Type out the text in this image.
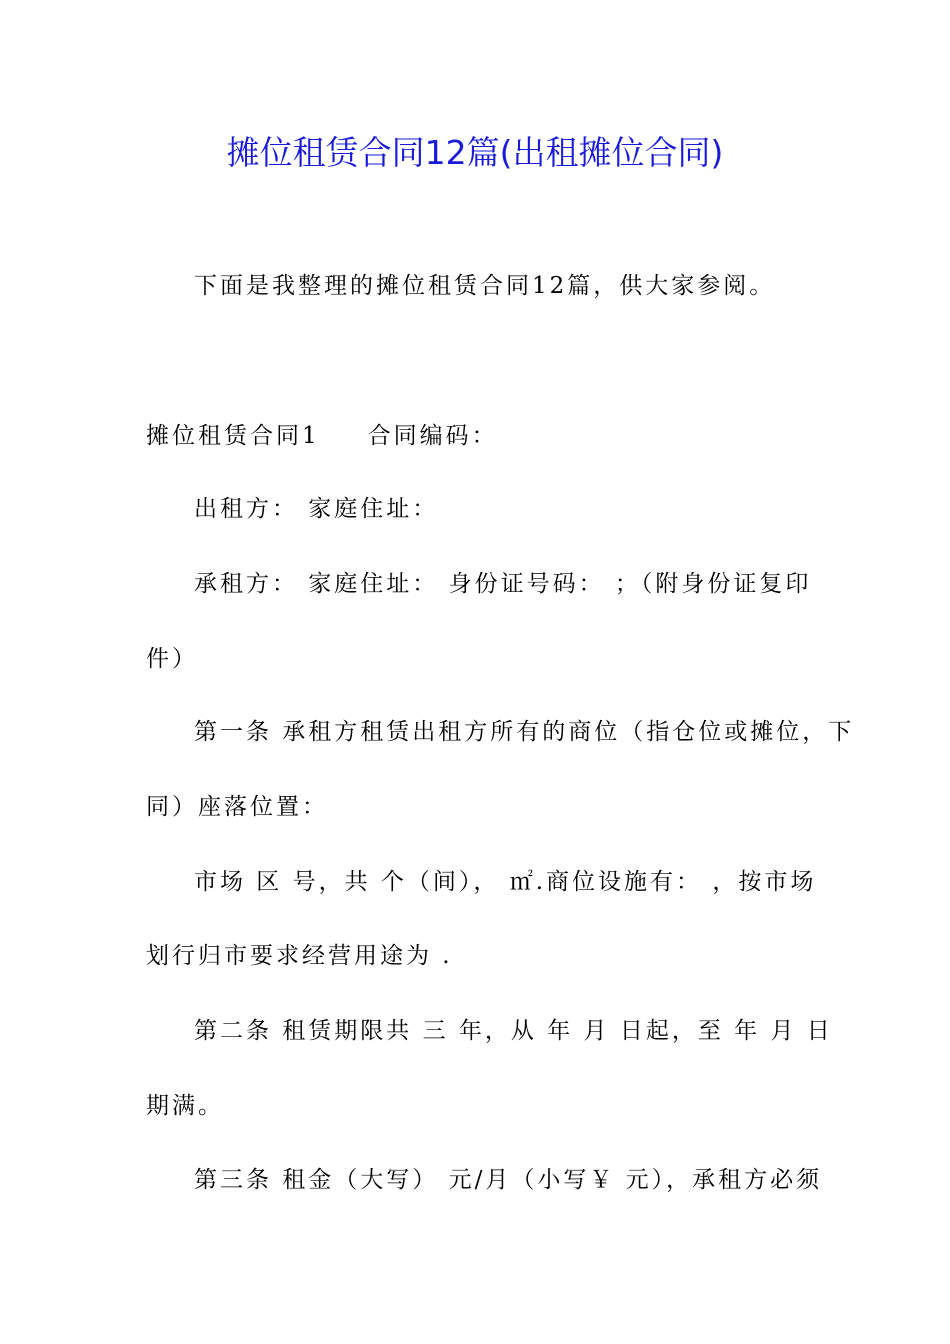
摊位租赁合同12篇(出租摊位合同)
下面是我整理的摊位租赁合同12篇，供大家参阅。
摊位租赁合同1 合同编码：
出租方： 家庭住址：
承租方： 家庭住址： 身份证号码： ；（附身份证复印
件）
第一条 承租方租赁出租方所有的商位（指仓位或摊位，下
同）座落位置：
市场 区 号，共 个（间）， ㎡.商位设施有： ，按市场
划行归市要求经营用途为 .
第二条 租赁期限共 三 年，从 年 月 日起，至 年 月 日
期满。
第三条 租金（大写） 元/月（小写￥ 元），承租方必须
